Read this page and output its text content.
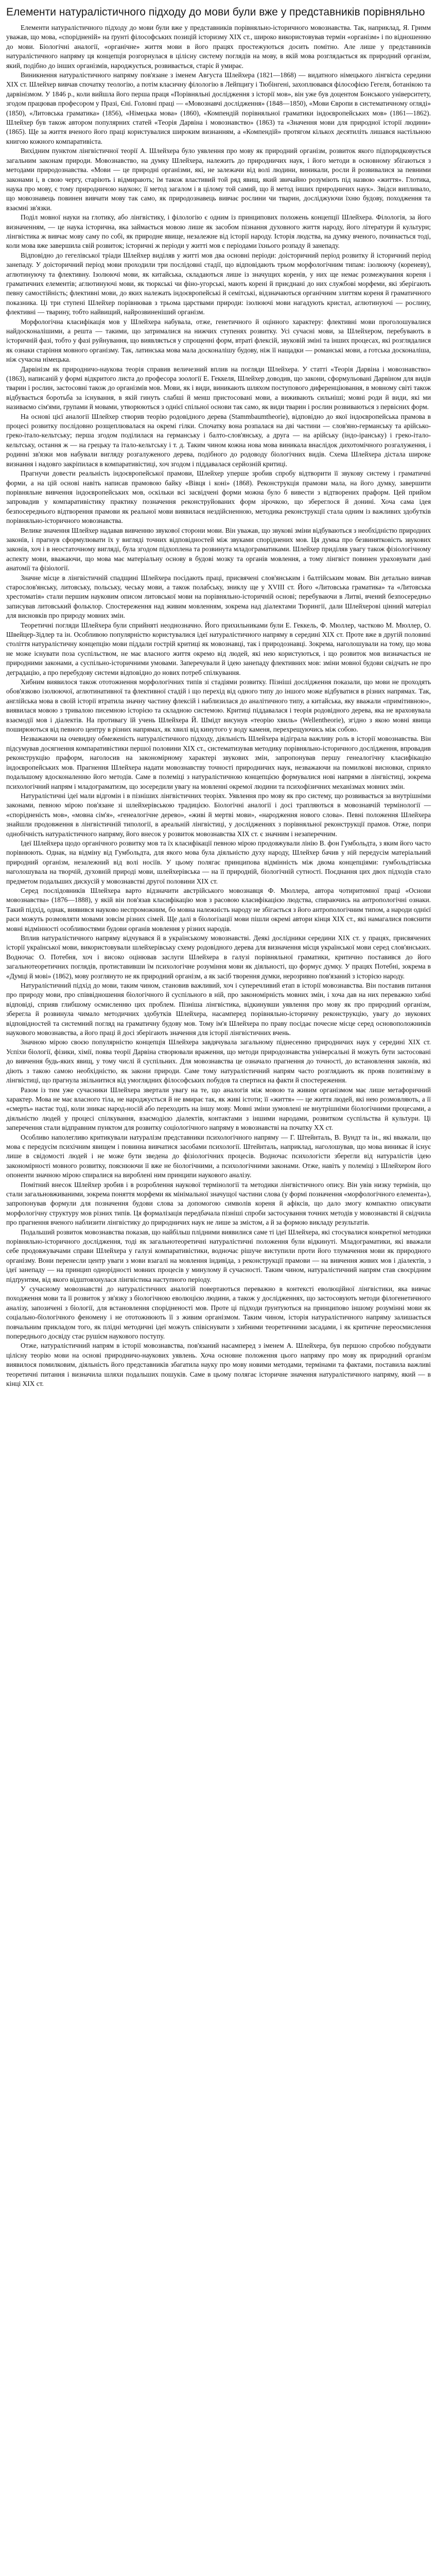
Елементи натуралістичного підходу до мови були вже у представників порівняльно

Елементи натуралістичного підходу до мови були вже у представників порівняльно-історичного мовознавства. Так, наприклад, Я. Гримм уважав, що мова, «спорідненій» на ґрунті філософських позицій історизму XIX ст., широко використовував термін «організм» і по відношенню до мови. Біологічні аналогії, «органічне» життя мови в його працях простежуються досить помітно. Але лише у представників натуралістичного напряму ця концепція розгорнулася в цілісну систему поглядів на мову, в якій мова розглядається як природний організм, який, подібно до інших організмів, народжується, розвивається, старіє й умирає.

Виникнення натуралістичного напряму пов'язане з іменем Августа Шлейхера (1821—1868) — видатного німецького лінгвіста середини XIX ст. Шлейхер вивчав спочатку теологію, а потім класичну філологію в Лейпцигу і Тюбінгені, захоплювався філософією Гегеля, ботанікою та дарвінізмом. У 1846 р., коли вийшла його перша праця «Порівняльні дослідження з історії мов», він уже був доцентом Бонського університету, згодом працював професором у Празі, Єні. Головні праці — «Мовознавчі дослідження» (1848—1850), «Мови Європи в систематичному огляді» (1850), «Литовська граматика» (1856), «Німецька мова» (1860), «Компендій порівняльної граматики індоєвропейських мов» (1861—1862). Шлейхер був також автором популярних статей «Теорія Дарвіна і мовознавство» (1863) та «Значення мови для природної історії людини» (1865). Ще за життя вченого його праці користувалися широким визнанням, а «Компендій» протягом кількох десятиліть лишався настільною книгою кожного компаративіста.

Вихідним пунктом лінгвістичної теорії А. Шлейхера було уявлення про мову як природний організм, розвиток якого підпорядковується загальним законам природи. Мовознавство, на думку Шлейхера, належить до природничих наук, і його методи в основному збігаються з методами природознавства. «Мови — це природні організми, які, не залежачи від волі людини, виникали, росли й розвивалися за певними законами і, в свою чергу, старіють і відмирають; їм також властивий той ряд явищ, який звичайно розуміють під назвою «життя». Глотика, наука про мову, є тому природничою наукою; її метод загалом і в цілому той самий, що й метод інших природничих наук». Звідси випливало, що мовознавець повинен вивчати мову так само, як природознавець вивчає рослини чи тварин, досліджуючи їхню будову, походження та взаємні зв'язки.

Поділ мовної науки на глотику, або лінгвістику, і філологію є одним із принципових положень концепції Шлейхера. Філологія, за його визначенням, — це наука історична, яка займається мовою лише як засобом пізнання духовного життя народу, його літератури й культури; лінгвістика ж вивчає мову саму по собі, як природне явище, незалежне від історії народу. Історія людства, на думку вченого, починається тоді, коли мова вже завершила свій розвиток; історичні ж періоди у житті мов є періодами їхнього розпаду й занепаду.

Відповідно до гегелівської тріади Шлейхер виділяв у житті мов два основні періоди: доісторичний період розвитку й історичний період занепаду. У доісторичний період мови проходили три послідовні стадії, що відповідають трьом морфологічним типам: ізолюючу (кореневу), аглютинуючу та флективну. Ізолюючі мови, як китайська, складаються лише із значущих коренів, у них ще немає розмежування кореня і граматичних елементів; аглютинуючі мови, як тюркські чи фіно-угорські, мають корені й приєднані до них службові морфеми, які зберігають певну самостійність; флективні мови, до яких належать індоєвропейські й семітські, відзначаються органічним злиттям кореня й граматичного показника. Ці три ступені Шлейхер порівнював з трьома царствами природи: ізолюючі мови нагадують кристал, аглютинуючі — рослину, флективні — тварину, тобто найвищий, найрозвиненіший організм.

Морфологічна класифікація мов у Шлейхера набувала, отже, генетичного й оцінного характеру: флективні мови проголошувалися найдосконалішими, а решта — такими, що затрималися на нижчих ступенях розвитку. Усі сучасні мови, за Шлейхером, перебувають в історичній фазі, тобто у фазі руйнування, що виявляється у спрощенні форм, втраті флексій, звуковій зміні та інших процесах, які розглядалися як ознаки старіння мовного організму. Так, латинська мова мала досконалішу будову, ніж її нащадки — романські мови, а готська досконаліша, ніж сучасна німецька.

Дарвінізм як природничо-наукова теорія справив величезний вплив на погляди Шлейхера. У статті «Теорія Дарвіна і мовознавство» (1863), написаній у формі відкритого листа до професора зоології Е. Геккеля, Шлейхер доводив, що закони, сформульовані Дарвіном для видів тварин і рослин, застосовні також до організмів мов. Мови, як і види, виникають шляхом поступового диференціювання, в мовному світі також відбувається боротьба за існування, в якій гинуть слабші й менш пристосовані мови, а виживають сильніші; мовні роди й види, які ми називаємо сім'ями, групами й мовами, утворюються з однієї спільної основи так само, як види тварин і рослин розвиваються з первісних форм.

На основі цієї аналогії Шлейхер створив теорію родовідного дерева (Stammbaumtheorie), відповідно до якої індоєвропейська прамова в процесі розвитку послідовно розщеплювалася на окремі гілки. Спочатку вона розпалася на дві частини — слов'яно-германську та арійсько-греко-італо-кельтську; перша згодом поділилася на германську і балто-слов'янську, а друга — на арійську (індо-іранську) і греко-італо-кельтську, остання ж — на грецьку та італо-кельтську і т. д. Таким чином кожна нова мова виникала внаслідок дихотомічного розгалуження, і родинні зв'язки мов набували вигляду розгалуженого дерева, подібного до родоводу біологічних видів. Схема Шлейхера дістала широке визнання і надовго закріпилася в компаративістиці, хоч згодом і піддавалася серйозній критиці.

Прагнучи довести реальність індоєвропейської прамови, Шлейхер уперше зробив спробу відтворити її звукову систему і граматичні форми, а на цій основі навіть написав прамовою байку «Вівця і коні» (1868). Реконструкція прамови мала, на його думку, завершити порівняльне вивчення індоєвропейських мов, оскільки всі засвідчені форми можна було б вивести з відтворених праформ. Цей прийом запровадив у компаративістику практику позначення реконструйованих форм зірочкою, що збереглося й донині. Хоча сама ідея безпосереднього відтворення прамови як реальної мови виявилася нездійсненною, методика реконструкції стала одним із важливих здобутків порівняльно-історичного мовознавства.

Велике значення Шлейхер надавав вивченню звукової сторони мови. Він уважав, що звукові зміни відбуваються з необхідністю природних законів, і прагнув сформулювати їх у вигляді точних відповідностей між звуками споріднених мов. Ця думка про безвинятковість звукових законів, хоч і в неостаточному вигляді, була згодом підхоплена та розвинута младограматиками. Шлейхер приділяв увагу також фізіологічному аспекту мови, вважаючи, що мова має матеріальну основу в будові мозку та органів мовлення, а тому лінгвіст повинен ураховувати дані анатомії та фізіології.

Значне місце в лінгвістичній спадщині Шлейхера посідають праці, присвячені слов'янським і балтійським мовам. Він детально вивчав старослов'янську, литовську, польську, чеську мови, а також полабську, зниклу ще у XVIII ст. Його «Литовська граматика» та «Литовська хрестоматія» стали першим науковим описом литовської мови на порівняльно-історичній основі; перебуваючи в Литві, вчений безпосередньо записував литовський фольклор. Спостереження над живим мовленням, зокрема над діалектами Тюрингії, дали Шлейхерові цінний матеріал для висновків про природу мовних змін.

Теоретичні погляди Шлейхера були сприйняті неоднозначно. Його прихильниками були Е. Геккель, Ф. Мюллер, частково М. Мюллер, О. Швейцер-Зідлер та ін. Особливою популярністю користувалися ідеї натуралістичного напряму в середині XIX ст. Проте вже в другій половині століття натуралістичну концепцію мови піддали гострій критиці як мовознавці, так і природознавці. Зокрема, наголошували на тому, що мова не може існувати поза суспільством, не має власного життя окремо від людей, які нею користуються, і що розвиток мов визначається не природними законами, а суспільно-історичними умовами. Заперечували й ідею занепаду флективних мов: зміни мовної будови свідчать не про деградацію, а про перебудову системи відповідно до нових потреб спілкування.

Хибним виявилося також ототожнення морфологічних типів зі стадіями розвитку. Пізніші дослідження показали, що мови не проходять обов'язково ізолюючої, аглютинативної та флективної стадій і що перехід від одного типу до іншого може відбуватися в різних напрямах. Так, англійська мова в своїй історії втратила значну частину флексій і наблизилася до аналітичного типу, а китайська, яку вважали «примітивною», виявилася мовою з тривалою писемною історією та складною системою. Критиці піддавалася і теорія родовідного дерева, яка не враховувала взаємодії мов і діалектів. На противагу їй учень Шлейхера Й. Шмідт висунув «теорію хвиль» (Wellentheorie), згідно з якою мовні явища поширюються від певного центру в різних напрямах, як хвилі від кинутого у воду каменя, перехрещуючись між собою.

Незважаючи на очевидну обмеженість натуралістичного підходу, діяльність Шлейхера відіграла важливу роль в історії мовознавства. Він підсумував досягнення компаративістики першої половини XIX ст., систематизував методику порівняльно-історичного дослідження, впровадив реконструкцію праформ, наголосив на закономірному характері звукових змін, запропонував першу генеалогічну класифікацію індоєвропейських мов. Прагнення Шлейхера надати мовознавству точності природничих наук, незважаючи на помилкові висновки, сприяло подальшому вдосконаленню його методів. Саме в полеміці з натуралістичною концепцією формувалися нові напрями в лінгвістиці, зокрема психологічний напрям і младограматизм, що зосередили увагу на мовленні окремої людини та психофізичних механізмах мовних змін.

Натуралістичні ідеї мали відгомін і в пізніших лінгвістичних теоріях. Уявлення про мову як про систему, що розвивається за внутрішніми законами, певною мірою пов'язане зі шлейхерівською традицією. Біологічні аналогії і досі трапляються в мовознавчій термінології — «спорідненість мов», «мовна сім'я», «генеалогічне дерево», «живі й мертві мови», «народження нового слова». Певні положення Шлейхера знайшли продовження в лінгвістичній типології, в ареальній лінгвістиці, у дослідженнях з порівняльної реконструкції прамов. Отже, попри однобічність натуралістичного напряму, його внесок у розвиток мовознавства XIX ст. є значним і незаперечним.

Ідеї Шлейхера щодо органічного розвитку мов та їх класифікації певною мірою продовжували лінію В. фон Гумбольдта, з яким його часто порівнюють. Однак, на відміну від Гумбольдта, для якого мова була діяльністю духу народу, Шлейхер бачив у ній передусім матеріальний природний організм, незалежний від волі носіїв. У цьому полягає принципова відмінність між двома концепціями: гумбольдтівська наголошувала на творчій, духовній природі мови, шлейхерівська — на її природній, біологічній сутності. Поєднання цих двох підходів стало предметом подальших дискусій у мовознавстві другої половини XIX ст.

Серед послідовників Шлейхера варто відзначити австрійського мовознавця Ф. Мюллера, автора чотиритомної праці «Основи мовознавства» (1876—1888), у якій він пов'язав класифікацію мов з расовою класифікацією людства, спираючись на антропологічні ознаки. Такий підхід, однак, виявився науково неспроможним, бо мовна належність народу не збігається з його антропологічним типом, а народи однієї раси можуть розмовляти мовами зовсім різних сімей. Ще далі в біологізації мови пішли окремі автори кінця XIX ст., які намагалися пояснити мовні відмінності особливостями будови органів мовлення у різних народів.

Вплив натуралістичного напряму відчувався й в українському мовознавстві. Деякі дослідники середини XIX ст. у працях, присвячених історії української мови, використовували шлейхерівську схему родовідного дерева для визначення місця української мови серед слов'янських. Водночас О. Потебня, хоч і високо оцінював заслуги Шлейхера в галузі порівняльної граматики, критично поставився до його загальнотеоретичних поглядів, протиставивши їм психологічне розуміння мови як діяльності, що формує думку. У працях Потебні, зокрема в «Думці й мові» (1862), мову розглянуто не як природний організм, а як засіб творення думки, нерозривно пов'язаний з історією народу.

Натуралістичний підхід до мови, таким чином, становив важливий, хоч і суперечливий етап в історії мовознавства. Він поставив питання про природу мови, про співвідношення біологічного й суспільного в ній, про закономірність мовних змін, і хоча дав на них переважно хибні відповіді, сприяв глибшому осмисленню цих проблем. Пізніша лінгвістика, відкинувши уявлення про мову як про природний організм, зберегла й розвинула чимало методичних здобутків Шлейхера, насамперед порівняльно-історичну реконструкцію, увагу до звукових відповідностей та системний погляд на граматичну будову мов. Тому ім'я Шлейхера по праву посідає почесне місце серед основоположників наукового мовознавства, а його праці й досі зберігають значення для історії лінгвістичних вчень.

Значною мірою своєю популярністю концепція Шлейхера завдячувала загальному піднесенню природничих наук у середині XIX ст. Успіхи біології, фізики, хімії, поява теорії Дарвіна створювали враження, що методи природознавства універсальні й можуть бути застосовані до вивчення будь-яких явищ, у тому числі й суспільних. Для мовознавства це означало прагнення до точності, до встановлення законів, які діють з такою самою необхідністю, як закони природи. Саме тому натуралістичний напрям часто розглядають як прояв позитивізму в лінгвістиці, що прагнула звільнитися від умоглядних філософських побудов та спертися на факти й спостереження.

Разом із тим уже сучасники Шлейхера звертали увагу на те, що аналогія між мовою та живим організмом має лише метафоричний характер. Мова не має власного тіла, не народжується й не вмирає так, як живі істоти; її «життя» — це життя людей, які нею розмовляють, а її «смерть» настає тоді, коли зникає народ-носій або переходить на іншу мову. Мовні зміни зумовлені не внутрішніми біологічними процесами, а діяльністю людей у процесі спілкування, взаємодією діалектів, контактами з іншими народами, розвитком суспільства й культури. Ці заперечення стали відправним пунктом для розвитку соціологічного напряму в мовознавстві на початку XX ст.

Особливо наполегливо критикували натуралізм представники психологічного напряму — Г. Штейнталь, В. Вундт та ін., які вважали, що мова є передусім психічним явищем і повинна вивчатися засобами психології. Штейнталь, наприклад, наголошував, що мова виникає й існує лише в свідомості людей і не може бути зведена до фізіологічних процесів. Водночас психологісти зберегли від натуралістів ідею закономірності мовного розвитку, пояснюючи її вже не біологічними, а психологічними законами. Отже, навіть у полеміці з Шлейхером його опоненти значною мірою спиралися на вироблені ним принципи наукового аналізу.

Помітний внесок Шлейхер зробив і в розроблення наукової термінології та методики лінгвістичного опису. Він увів низку термінів, що стали загальновживаними, зокрема поняття морфеми як мінімальної значущої частини слова (у формі позначення «морфологічного елемента»), запропонував формули для позначення будови слова за допомогою символів кореня й афіксів, що дало змогу компактно описувати морфологічну структуру мов різних типів. Ця формалізація передбачала пізніші спроби застосування точних методів у мовознавстві й свідчила про прагнення вченого наблизити лінгвістику до природничих наук не лише за змістом, а й за формою викладу результатів.

Подальший розвиток мовознавства показав, що найбільш плідними виявилися саме ті ідеї Шлейхера, які стосувалися конкретної методики порівняльно-історичного дослідження, тоді як загальнотеоретичні натуралістичні положення були відкинуті. Младограматики, які вважали себе продовжувачами справи Шлейхера у галузі компаративістики, водночас рішуче виступили проти його тлумачення мови як природного організму. Вони перенесли центр уваги з мови взагалі на мовлення індивіда, з реконструкції прамови — на вивчення живих мов і діалектів, з ідеї занепаду — на принцип однорідності мовних процесів у минулому й сучасності. Таким чином, натуралістичний напрям став своєрідним підґрунтям, від якого відштовхнулася лінгвістика наступного періоду.

У сучасному мовознавстві до натуралістичних аналогій повертаються переважно в контексті еволюційної лінгвістики, яка вивчає походження мови та її розвиток у зв'язку з біологічною еволюцією людини, а також у дослідженнях, що застосовують методи філогенетичного аналізу, запозичені з біології, для встановлення спорідненості мов. Проте ці підходи ґрунтуються на принципово іншому розумінні мови як соціально-біологічного феномену і не ототожнюють її з живим організмом. Таким чином, історія натуралістичного напряму залишається повчальним прикладом того, як плідні методичні ідеї можуть співіснувати з хибними теоретичними засадами, і як критичне переосмислення попереднього досвіду стає рушієм наукового поступу.

Отже, натуралістичний напрям в історії мовознавства, пов'язаний насамперед з іменем А. Шлейхера, був першою спробою побудувати цілісну теорію мови на основі природничо-наукових уявлень. Хоча основне положення цього напряму про мову як природний організм виявилося помилковим, діяльність його представників збагатила науку про мову новими методами, термінами та фактами, поставила важливі теоретичні питання і визначила шляхи подальших пошуків. Саме в цьому полягає історичне значення натуралістичного напряму, який — в кінці ХІХ ст.
